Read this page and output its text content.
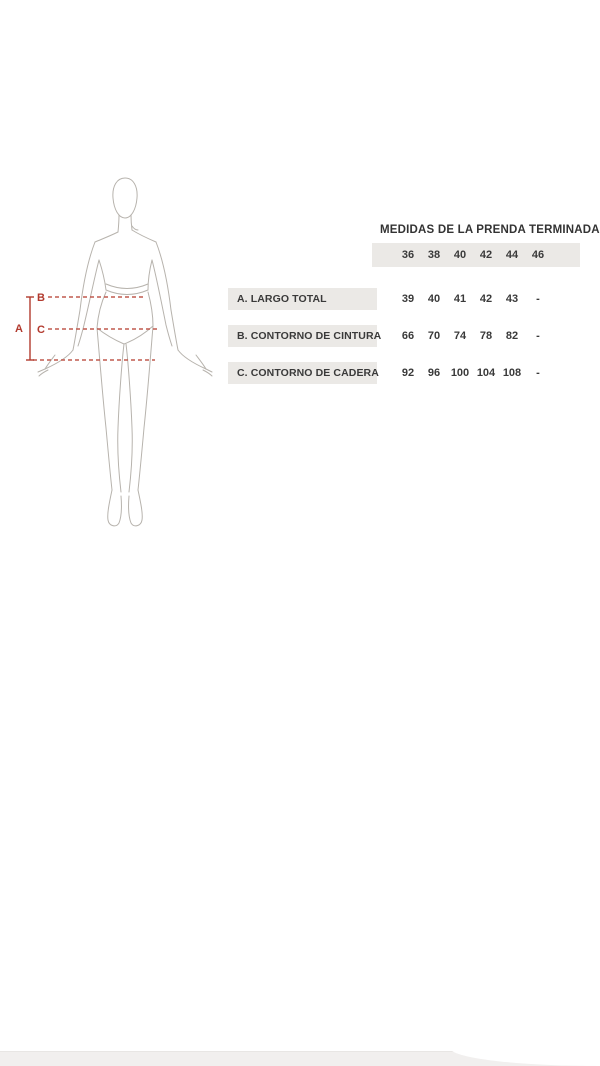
A
B
C
MEDIDAS DE LA PRENDA TERMINADA
36	38	40	42	44	46
A. LARGO TOTAL	39	40	41	42	43	-
B. CONTORNO DE CINTURA	66	70	74	78	82	-
C. CONTORNO DE CADERA	92	96 100 104 108	-
